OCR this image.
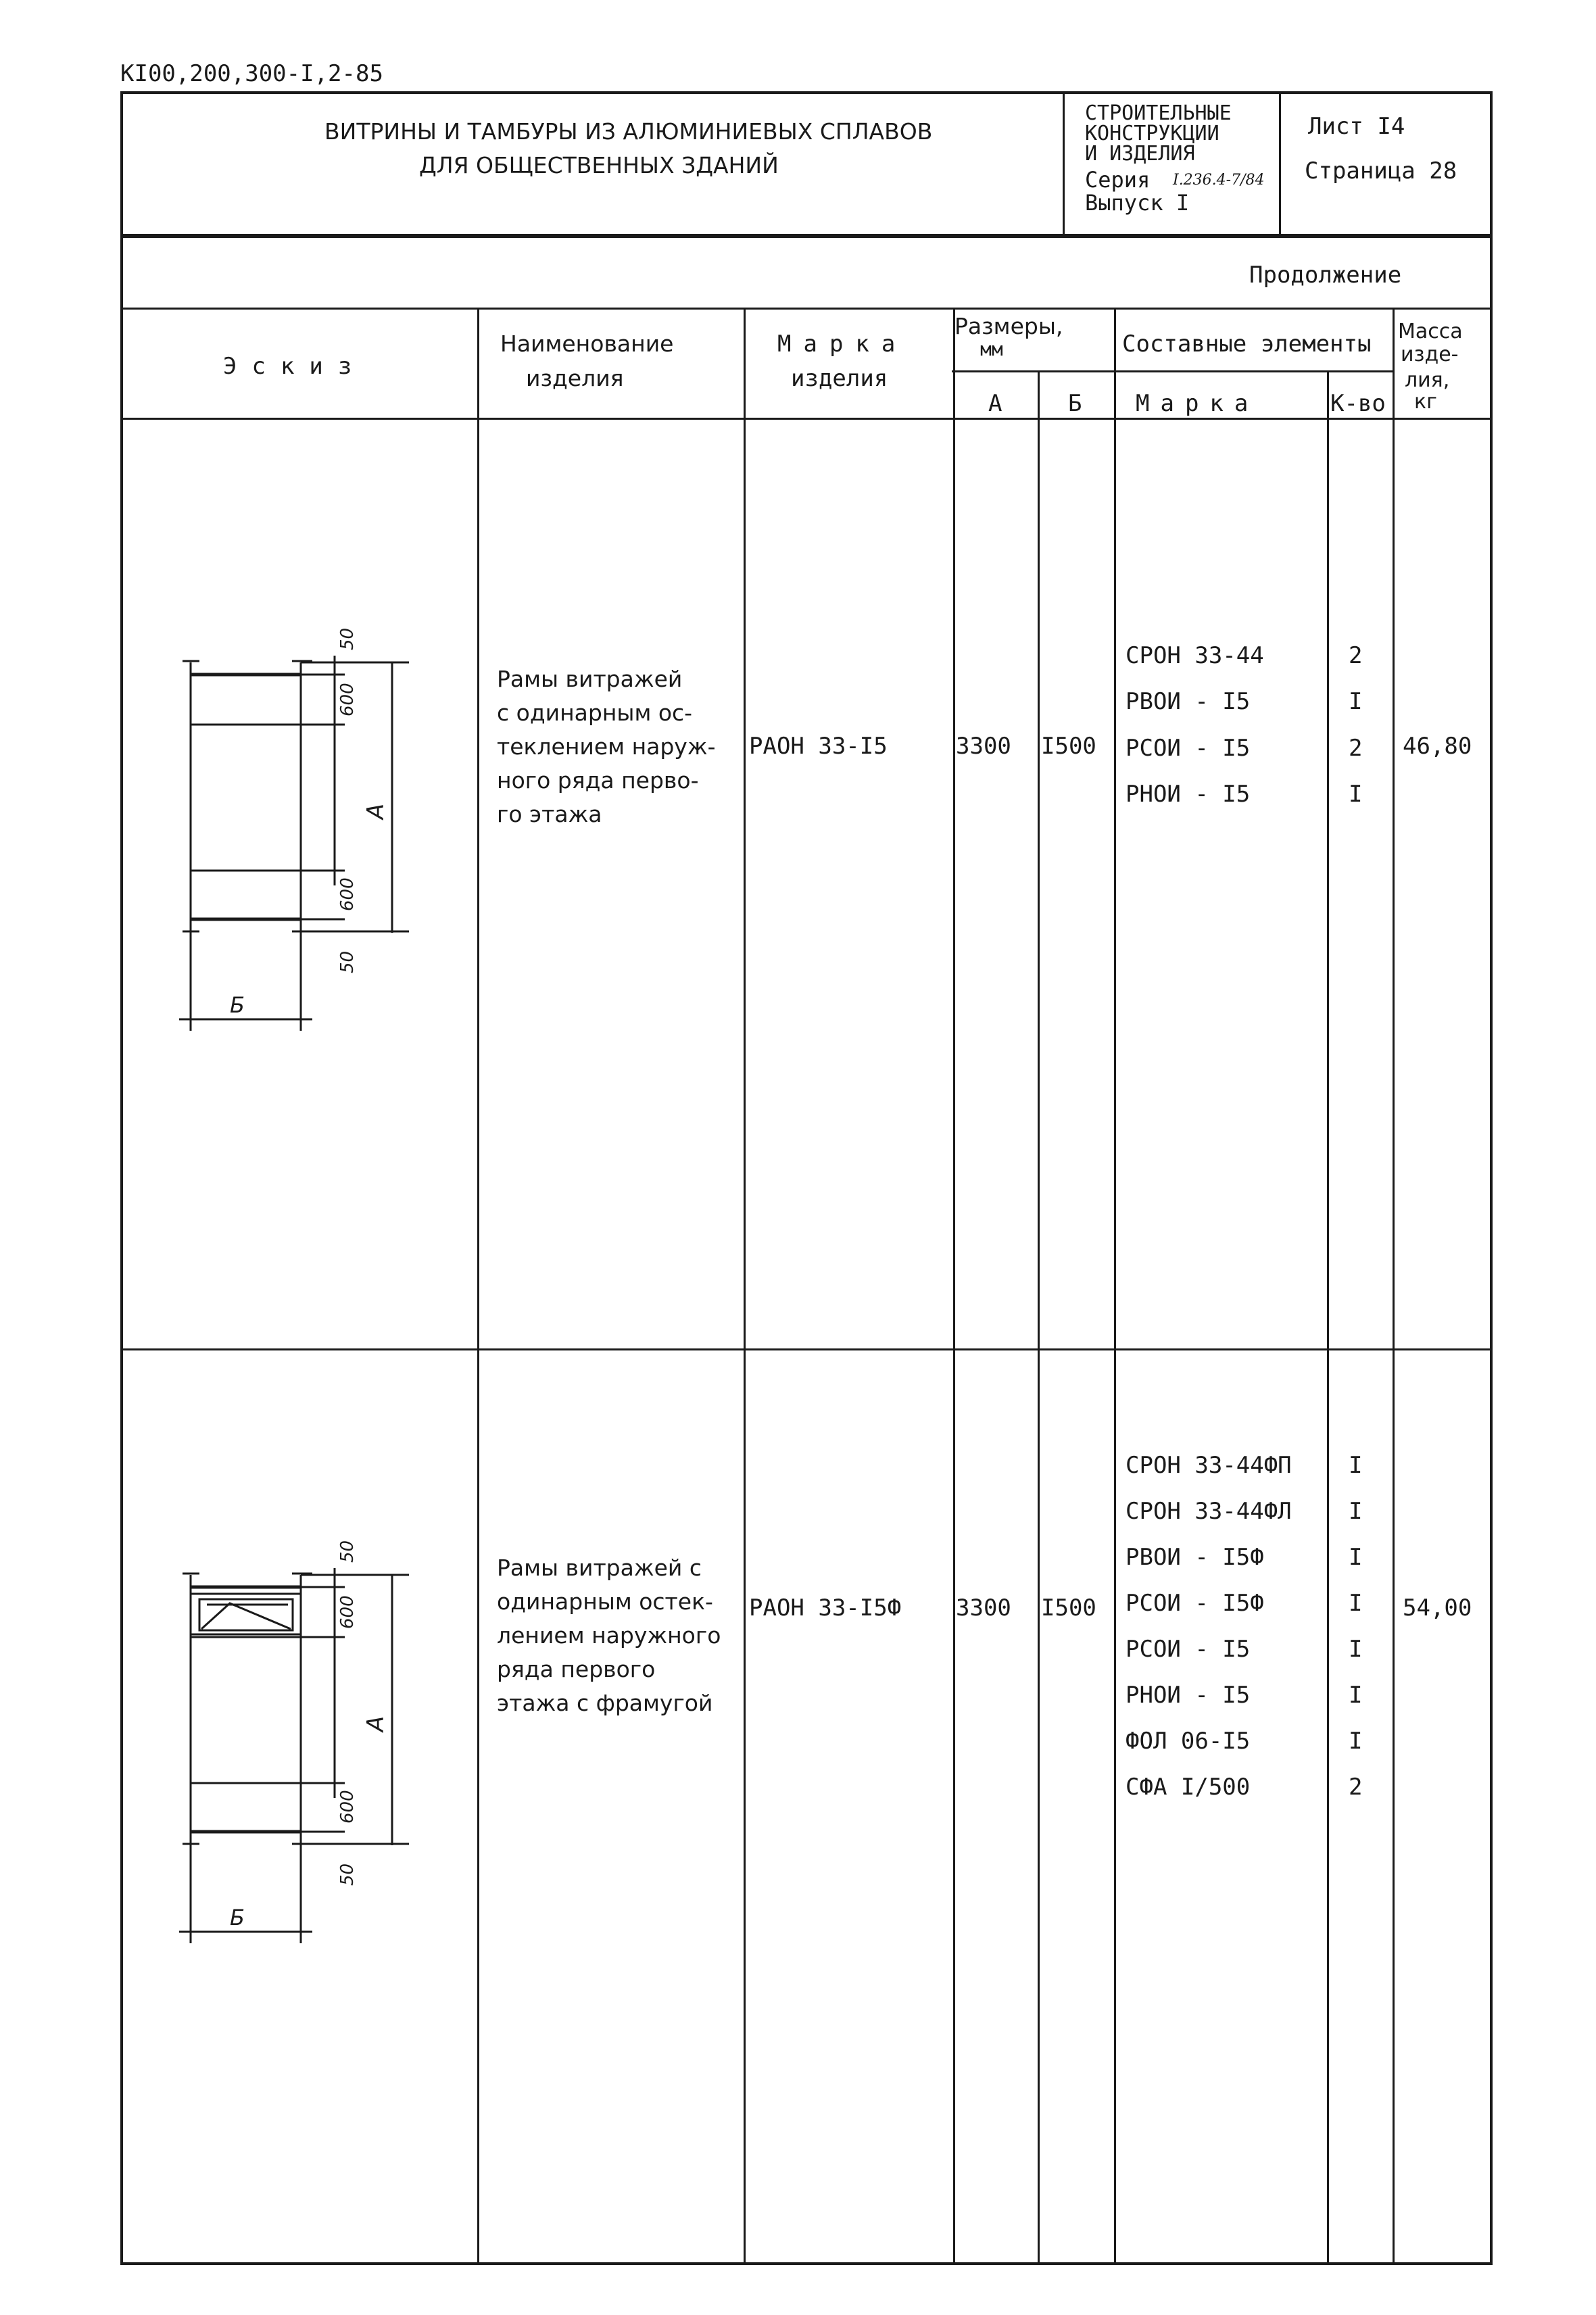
KI00,200,300-I,2-85
ВИТРИНЫ И ТАМБУРЫ ИЗ АЛЮМИНИЕВЫХ СПЛАВОВ
ДЛЯ ОБЩЕСТВЕННЫХ ЗДАНИЙ
СТРОИТЕЛЬНЫЕ
КОНСТРУКЦИИ
И ИЗДЕЛИЯ
Серия I.236.4-7/84
Выпуск I
Лист I4
Страница 28
Продолжение
Эскиз
Наименование
изделия
Марка
изделия
Размеры,
мм
А	Б
Составные элементы
Марка	К-во
Масса
изде-
лия,
кг
50
600
А
600
50
Б
Рамы витражей
с одинарным ос-
теклением наруж-
ного ряда перво-
го этажа
РАОН 33-I5	3300 I500
СРОН 33-44	2
РВОИ - I5	I
РСОИ - I5	2
РНОИ - I5	I
46,80
50
600
А
600
50
Б
Рамы витражей с
одинарным остек-
лением наружного
ряда первого
этажа с фрамугой
РАОН 33-I5Ф 3300 I500
СРОН 33-44ФП I
СРОН 33-44ФЛ I
РВОИ - I5Ф	I
РСОИ - I5Ф	I
РСОИ - I5	I
РНОИ - I5	I
ФОЛ 06-I5	I
СФА I/500	2
54,00
